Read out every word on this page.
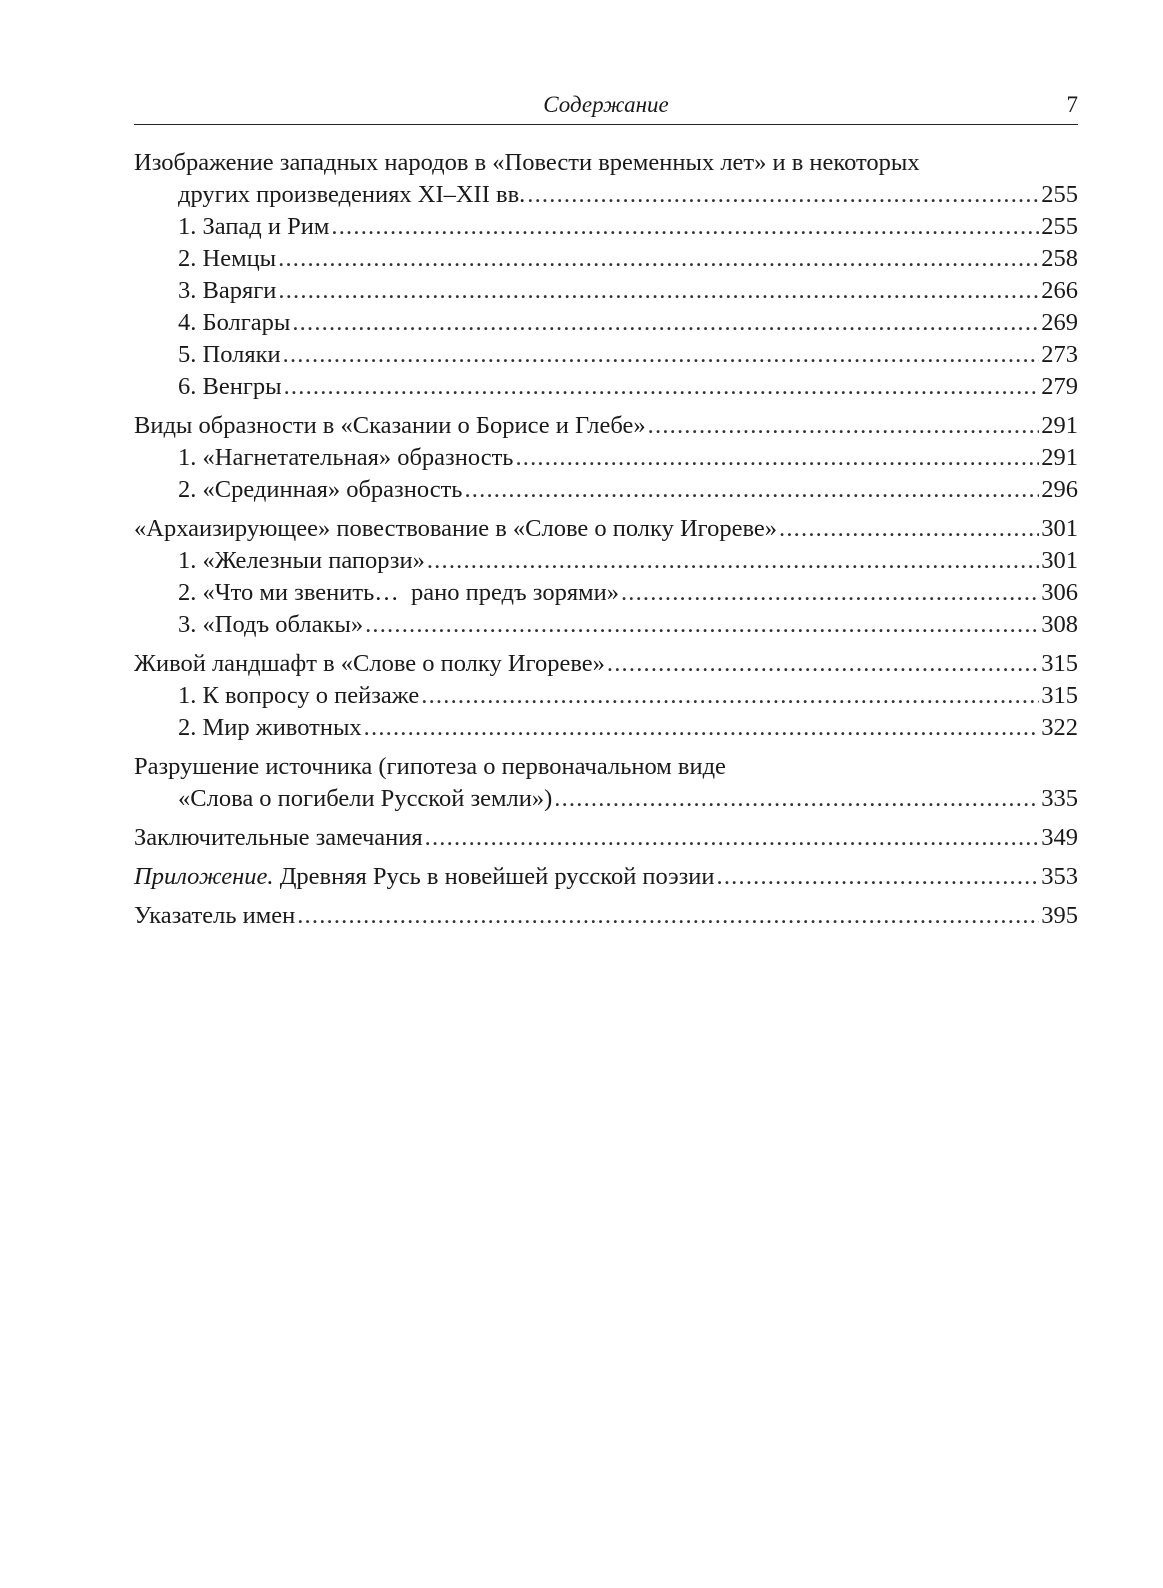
Содержание	7
Изображение западных народов в «Повести временных лет» и в некоторых
других произведениях XI–XII вв. .....	255
1. Запад и Рим .....	255
2. Немцы .....	258
3. Варяги .....	266
4. Болгары .....	269
5. Поляки .....	273
6. Венгры .....	279
Виды образности в «Сказании о Борисе и Глебе» .....	291
1. «Нагнетательная» образность .....	291
2. «Срединная» образность .....	296
«Архаизирующее» повествование в «Слове о полку Игореве» .....	301
1. «Железныи папорзи» .....	301
2. «Что ми звенить…  рано предъ зорями» .....	306
3. «Подъ облакы» .....	308
Живой ландшафт в «Слове о полку Игореве» .....	315
1. К вопросу о пейзаже .....	315
2. Мир животных .....	322
Разрушение источника (гипотеза о первоначальном виде
«Слова о погибели Русской земли») .....	335
Заключительные замечания .....	349
Приложение. Древняя Русь в новейшей русской поэзии .....	353
Указатель имен .....	395
